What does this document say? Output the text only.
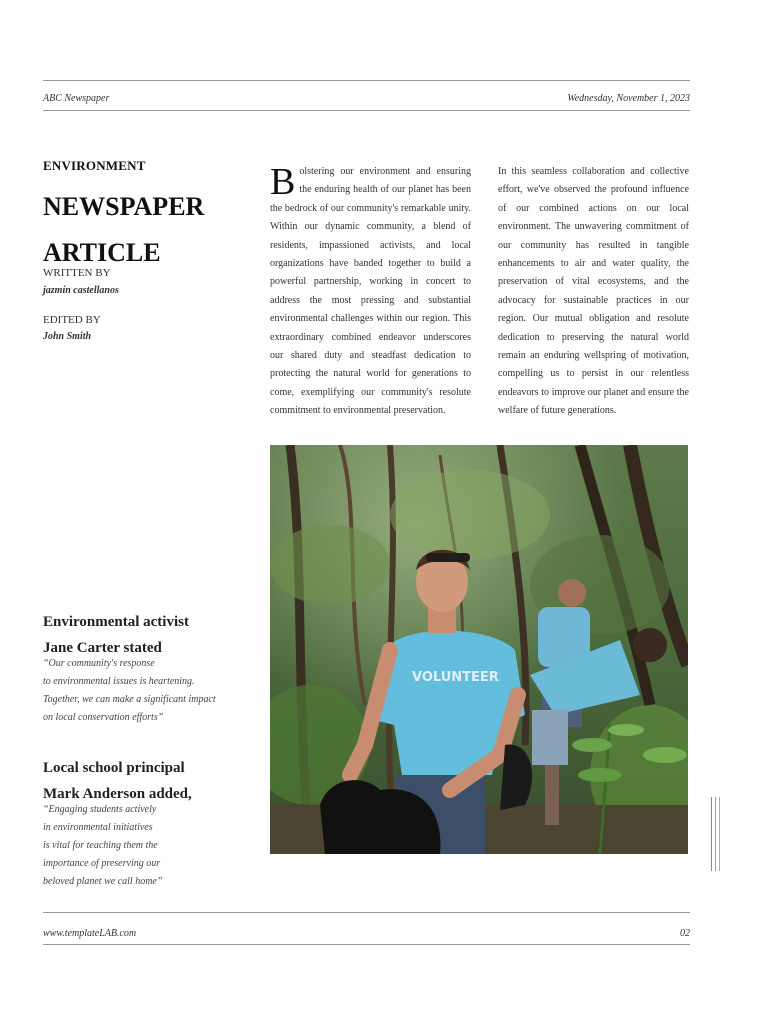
ABC Newspaper	Wednesday, November 1, 2023
ENVIRONMENT
NEWSPAPER
ARTICLE
WRITTEN BY
jazmin castellanos
EDITED BY
John Smith
Environmental activist
Jane Carter stated
“Our community's response
to environmental issues is heartening.
Together, we can make a significant impact
on local conservation efforts”
Local school principal
Mark Anderson added,
“Engaging students actively
in environmental initiatives
is vital for teaching them the
importance of preserving our
beloved planet we call home”
Bolstering our environment and ensuring the enduring health of our planet has been the bedrock of our community's remarkable unity. Within our dynamic community, a blend of residents, impassioned activists, and local organizations have banded together to build a powerful partnership, working in concert to address the most pressing and substantial environmental challenges within our region. This extraordinary combined endeavor underscores our shared duty and steadfast dedication to protecting the natural world for generations to come, exemplifying our community's resolute commitment to environmental preservation.
In this seamless collaboration and collective effort, we've observed the profound influence of our combined actions on our local environment. The unwavering commitment of our community has resulted in tangible enhancements to air and water quality, the preservation of vital ecosystems, and the advocacy for sustainable practices in our region. Our mutual obligation and resolute dedication to preserving the natural world remain an enduring wellspring of motivation, compelling us to persist in our relentless endeavors to improve our planet and ensure the welfare of future generations.
VOLUNTEER
www.templateLAB.com	02
